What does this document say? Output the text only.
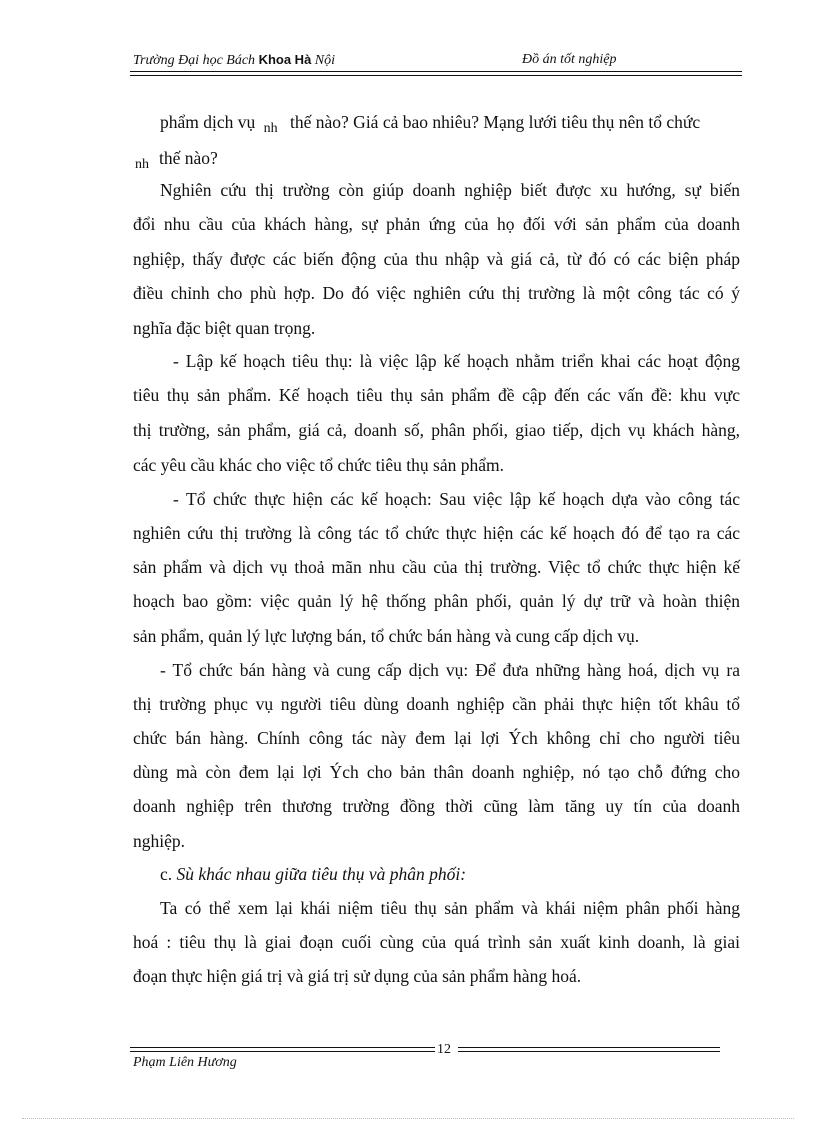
Trường Đại học Bách Khoa Hà Nội	Đồ án tốt nghiệp
phẩm dịch vụ $_{nh}$ thế nào? Giá cả bao nhiêu? Mạng lưới tiêu thụ nên tổ chức
$_{nh}$ thế nào?
Nghiên cứu thị trường còn giúp doanh nghiệp biết được xu hướng, sự biến
đổi nhu cầu của khách hàng, sự phản ứng của họ đối với sản phẩm của doanh
nghiệp, thấy được các biến động của thu nhập và giá cả, từ đó có các biện pháp
điều chỉnh cho phù hợp. Do đó việc nghiên cứu thị trường là một công tác có ý
nghĩa đặc biệt quan trọng.
- Lập kế hoạch tiêu thụ: là việc lập kế hoạch nhằm triển khai các hoạt động
tiêu thụ sản phẩm. Kế hoạch tiêu thụ sản phẩm đề cập đến các vấn đề: khu vực
thị trường, sản phẩm, giá cả, doanh số, phân phối, giao tiếp, dịch vụ khách hàng,
các yêu cầu khác cho việc tổ chức tiêu thụ sản phẩm.
- Tổ chức thực hiện các kế hoạch: Sau việc lập kế hoạch dựa vào công tác
nghiên cứu thị trường là công tác tổ chức thực hiện các kế hoạch đó để tạo ra các
sản phẩm và dịch vụ thoả mãn nhu cầu của thị trường. Việc tổ chức thực hiện kế
hoạch bao gồm: việc quản lý hệ thống phân phối, quản lý dự trữ và hoàn thiện
sản phẩm, quản lý lực lượng bán, tổ chức bán hàng và cung cấp dịch vụ.
- Tổ chức bán hàng và cung cấp dịch vụ: Để đưa những hàng hoá, dịch vụ ra
thị trường phục vụ người tiêu dùng doanh nghiệp cần phải thực hiện tốt khâu tổ
chức bán hàng. Chính công tác này đem lại lợi Ých không chỉ cho người tiêu
dùng mà còn đem lại lợi Ých cho bản thân doanh nghiệp, nó tạo chỗ đứng cho
doanh nghiệp trên thương trường đồng thời cũng làm tăng uy tín của doanh
nghiệp.
c. Sù khác nhau giữa tiêu thụ và phân phối:
Ta có thể xem lại khái niệm tiêu thụ sản phẩm và khái niệm phân phối hàng
hoá : tiêu thụ là giai đoạn cuối cùng của quá trình sản xuất kinh doanh, là giai
đoạn thực hiện giá trị và giá trị sử dụng của sản phẩm hàng hoá.
12
Phạm Liên Hương
